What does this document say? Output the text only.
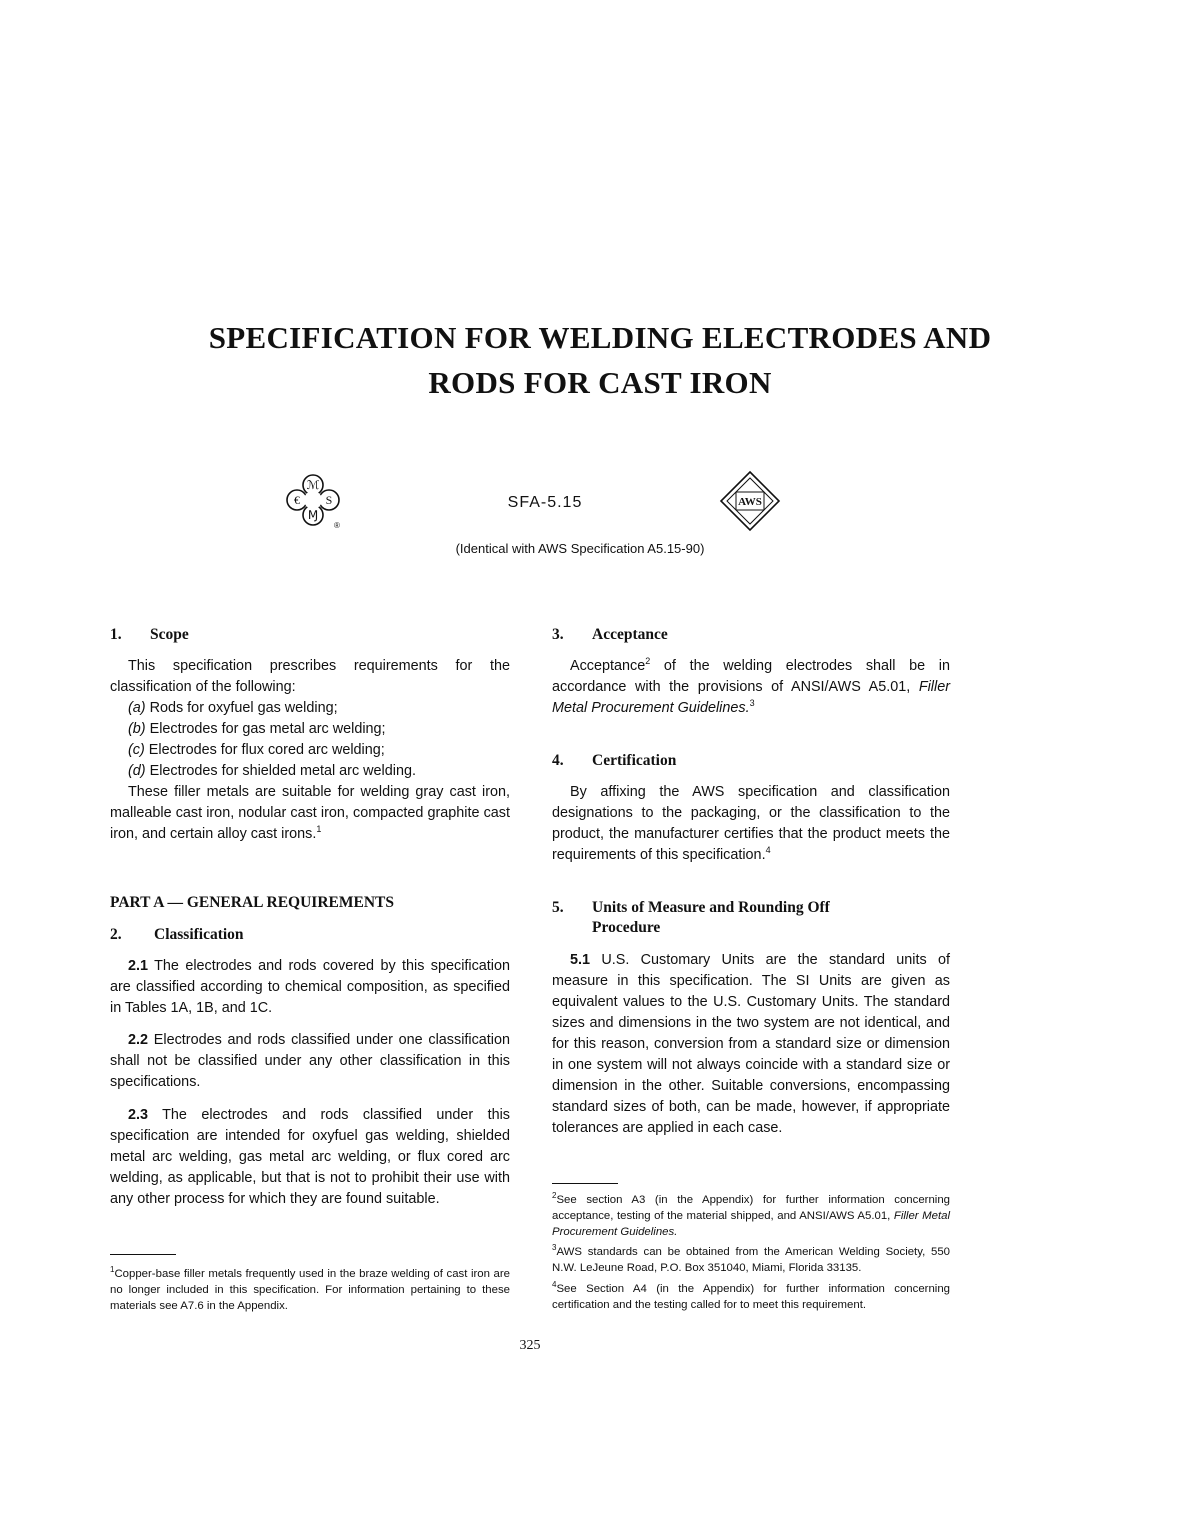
SPECIFICATION FOR WELDING ELECTRODES AND
RODS FOR CAST IRON
ℳ
€ S
Ɱ
®
SFA-5.15	AWS
(Identical with AWS Specification A5.15-90)
1. Scope
This specification prescribes requirements for the classification of the following:
(a) Rods for oxyfuel gas welding;
(b) Electrodes for gas metal arc welding;
(c) Electrodes for flux cored arc welding;
(d) Electrodes for shielded metal arc welding.
These filler metals are suitable for welding gray cast iron, malleable cast iron, nodular cast iron, compacted graphite cast iron, and certain alloy cast irons.$^1$
PART A — GENERAL REQUIREMENTS
2. Classification
2.1 The electrodes and rods covered by this specification are classified according to chemical composition, as specified in Tables 1A, 1B, and 1C.
2.2 Electrodes and rods classified under one classification shall not be classified under any other classification in this specifications.
2.3 The electrodes and rods classified under this specification are intended for oxyfuel gas welding, shielded metal arc welding, gas metal arc welding, or flux cored arc welding, as applicable, but that is not to prohibit their use with any other process for which they are found suitable.
$^1$Copper-base filler metals frequently used in the braze welding of cast iron are no longer included in this specification. For information pertaining to these materials see A7.6 in the Appendix.
3. Acceptance
Acceptance$^2$ of the welding electrodes shall be in accordance with the provisions of ANSI/AWS A5.01, Filler Metal Procurement Guidelines.$^3$
4. Certification
By affixing the AWS specification and classification designations to the packaging, or the classification to the product, the manufacturer certifies that the product meets the requirements of this specification.$^4$
5. Units of Measure and Rounding Off
Procedure
5.1 U.S. Customary Units are the standard units of measure in this specification. The SI Units are given as equivalent values to the U.S. Customary Units. The standard sizes and dimensions in the two system are not identical, and for this reason, conversion from a standard size or dimension in one system will not always coincide with a standard size or dimension in the other. Suitable conversions, encompassing standard sizes of both, can be made, however, if appropriate tolerances are applied in each case.
$^2$See section A3 (in the Appendix) for further information concerning acceptance, testing of the material shipped, and ANSI/AWS A5.01, Filler Metal Procurement Guidelines.
$^3$AWS standards can be obtained from the American Welding Society, 550 N.W. LeJeune Road, P.O. Box 351040, Miami, Florida 33135.
$^4$See Section A4 (in the Appendix) for further information concerning certification and the testing called for to meet this requirement.
325
